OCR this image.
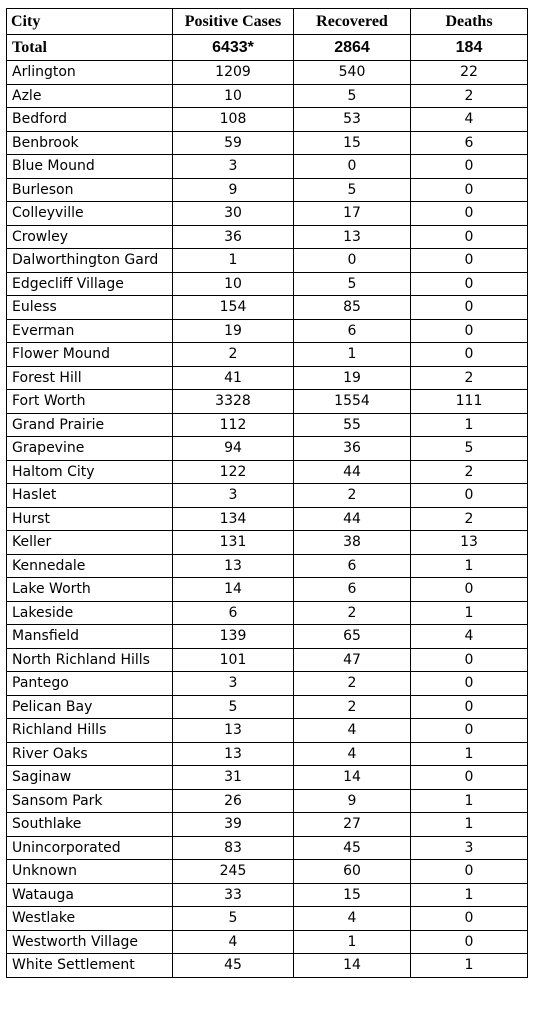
City	Positive Cases	Recovered	Deaths
Total	6433*	2864	184
Arlington	1209	540	22
Azle	10	5	2
Bedford	108	53	4
Benbrook	59	15	6
Blue Mound	3	0	0
Burleson	9	5	0
Colleyville	30	17	0
Crowley	36	13	0
Dalworthington Gard	1	0	0
Edgecliff Village	10	5	0
Euless	154	85	0
Everman	19	6	0
Flower Mound	2	1	0
Forest Hill	41	19	2
Fort Worth	3328	1554	111
Grand Prairie	112	55	1
Grapevine	94	36	5
Haltom City	122	44	2
Haslet	3	2	0
Hurst	134	44	2
Keller	131	38	13
Kennedale	13	6	1
Lake Worth	14	6	0
Lakeside	6	2	1
Mansfield	139	65	4
North Richland Hills	101	47	0
Pantego	3	2	0
Pelican Bay	5	2	0
Richland Hills	13	4	0
River Oaks	13	4	1
Saginaw	31	14	0
Sansom Park	26	9	1
Southlake	39	27	1
Unincorporated	83	45	3
Unknown	245	60	0
Watauga	33	15	1
Westlake	5	4	0
Westworth Village	4	1	0
White Settlement	45	14	1
